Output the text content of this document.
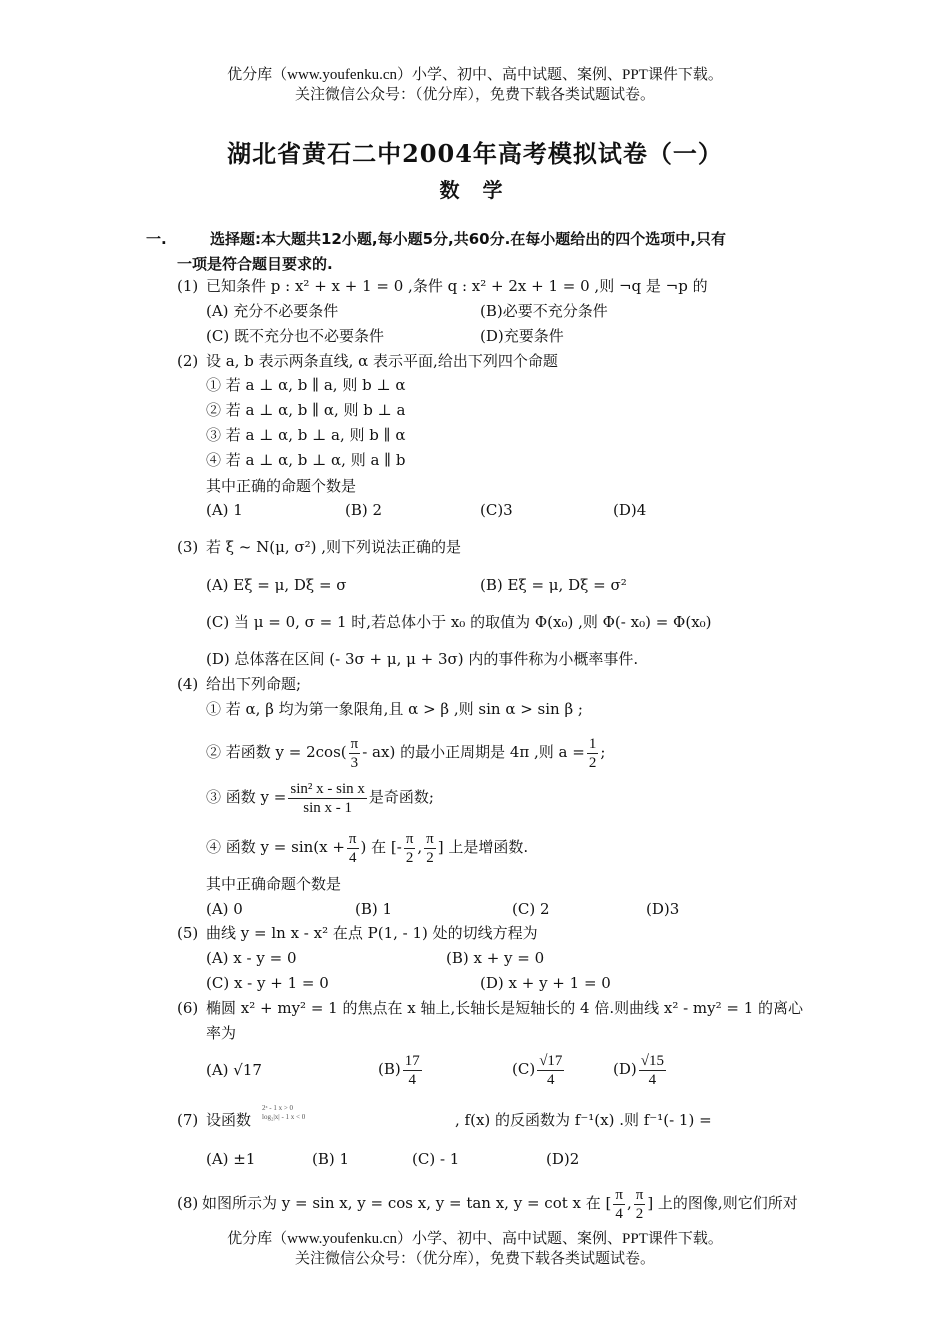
优分库（www.youfenku.cn）小学、初中、高中试题、案例、PPT课件下载。
关注微信公众号：（优分库），免费下载各类试题试卷。
湖北省黄石二中2004年高考模拟试卷（一）
数 学
一.	选择题:本大题共12小题,每小题5分,共60分.在每小题给出的四个选项中,只有
一项是符合题目要求的.
(1) 已知条件 p : x² + x + 1 = 0 ,条件 q : x² + 2x + 1 = 0 ,则 ¬q 是 ¬p 的
(A) 充分不必要条件	(B)必要不充分条件
(C) 既不充分也不必要条件	(D)充要条件
(2) 设 a, b 表示两条直线, α 表示平面,给出下列四个命题
① 若 a ⊥ α, b ∥ a, 则 b ⊥ α
② 若 a ⊥ α, b ∥ α, 则 b ⊥ a
③ 若 a ⊥ α, b ⊥ a, 则 b ∥ α
④ 若 a ⊥ α, b ⊥ α, 则 a ∥ b
其中正确的命题个数是
(A) 1	(B) 2	(C)3	(D)4
(3) 若 ξ ~ N(μ, σ²) ,则下列说法正确的是
(A) Eξ = μ, Dξ = σ	(B) Eξ = μ, Dξ = σ²
(C) 当 μ = 0, σ = 1 时,若总体小于 x₀ 的取值为 Φ(x₀) ,则 Φ(- x₀) = Φ(x₀)
(D) 总体落在区间 (- 3σ + μ, μ + 3σ) 内的事件称为小概率事件.
(4) 给出下列命题;
① 若 α, β 均为第一象限角,且 α > β ,则 sin α > sin β ;
② 若函数 $y = 2\cos( \frac{\pi}{3} - ax)$ 的最小正周期是 4π ,则 $a = \frac{1}{2}$ ;
③ 函数 $y = \frac{\text{sin² x - sin x}}{\text{sin x - 1}}$ 是奇函数;
④ 函数 $y = \sin(x + \frac{\pi}{4}$ ) 在 [- $\frac{\pi}{2}$ , $\frac{\pi}{2}$ ] 上是增函数.
其中正确命题个数是
(A) 0	(B) 1	(C) 2	(D)3
(5) 曲线 y = ln x - x² 在点 P(1, - 1) 处的切线方程为
(A) x - y = 0	(B) x + y = 0
(C) x - y + 1 = 0	(D) x + y + 1 = 0
(6) 椭圆 x² + my² = 1 的焦点在 x 轴上,长轴长是短轴长的 4 倍.则曲线 x² - my² = 1 的离心
率为
(A) √17	$(B) \frac{17}{4}$	$(C) \frac{√17}{4}$	$(D) \frac{√15}{4}$
(7) 设函数
2ˣ - 1 x > 0
log₂|x| - 1 x < 0	, f(x) 的反函数为 f⁻¹(x) .则 f⁻¹(- 1) =
(A) ±1	(B) 1	(C) - 1	(D)2
(8) 如图所示为 y = sin x, y = cos x, y = tan x, y = cot x 在 [ $\frac{\pi}{4}$ , $\frac{\pi}{2}$ ] 上的图像,则它们所对
优分库（www.youfenku.cn）小学、初中、高中试题、案例、PPT课件下载。
关注微信公众号：（优分库），免费下载各类试题试卷。
